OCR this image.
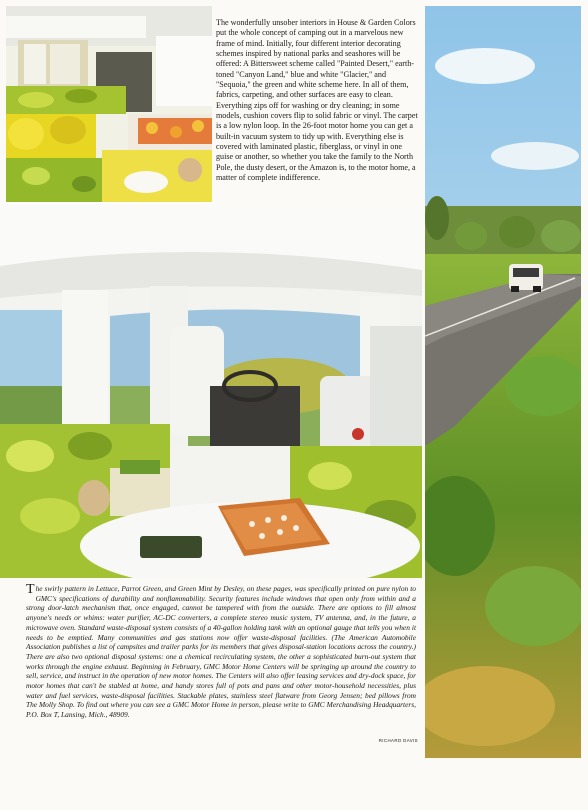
The wonderfully unsober interiors in House & Garden Colors put the whole concept of camping out in a marvelous new frame of mind. Initially, four different interior decorating schemes inspired by national parks and seashores will be offered: A Bittersweet scheme called "Painted Desert," earth-toned "Canyon Land," blue and white "Glacier," and "Sequoia," the green and white scheme here. In all of them, fabrics, carpeting, and other surfaces are easy to clean. Everything zips off for washing or dry cleaning; in some models, cushion covers flip to solid fabric or vinyl. The carpet is a low nylon loop. In the 26-foot motor home you can get a built-in vacuum system to tidy up with. Everything else is covered with laminated plastic, fiberglass, or vinyl in one guise or another, so whether you take the family to the North Pole, the dusty desert, or the Amazon is, to the motor home, a matter of complete indifference.

The swirly pattern in Lettuce, Parrot Green, and Green Mint by Desley, on these pages, was specifically printed on pure nylon to GMC's specifications of durability and nonflammability. Security features include windows that open only from within and a strong door-latch mechanism that, once engaged, cannot be tampered with from the outside. There are options to fill almost anyone's needs or whims: water purifier, AC-DC converters, a complete stereo music system, TV antenna, and, in the future, a microwave oven. Standard waste-disposal system consists of a 40-gallon holding tank with an optional gauge that tells you when it needs to be emptied. Many communities and gas stations now offer waste-disposal facilities. (The American Automobile Association publishes a list of campsites and trailer parks for its members that gives disposal-station locations across the country.) There are also two optional disposal systems: one a chemical recirculating system, the other a sophisticated burn-out system that works through the engine exhaust. Beginning in February, GMC Motor Home Centers will be springing up around the country to sell, service, and instruct in the operation of new motor homes. The Centers will also offer leasing services and dry-dock space, for motor homes that can't be stabled at home, and handy stores full of pots and pans and other motor-household necessities, plus water and fuel services, waste-disposal facilities. Stackable plates, stainless steel flatware from Georg Jensen; bed pillows from The Molly Shop. To find out where you can see a GMC Motor Home in person, please write to GMC Merchandising Headquarters, P.O. Box T, Lansing, Mich., 48909.

RICHARD DAVIS
